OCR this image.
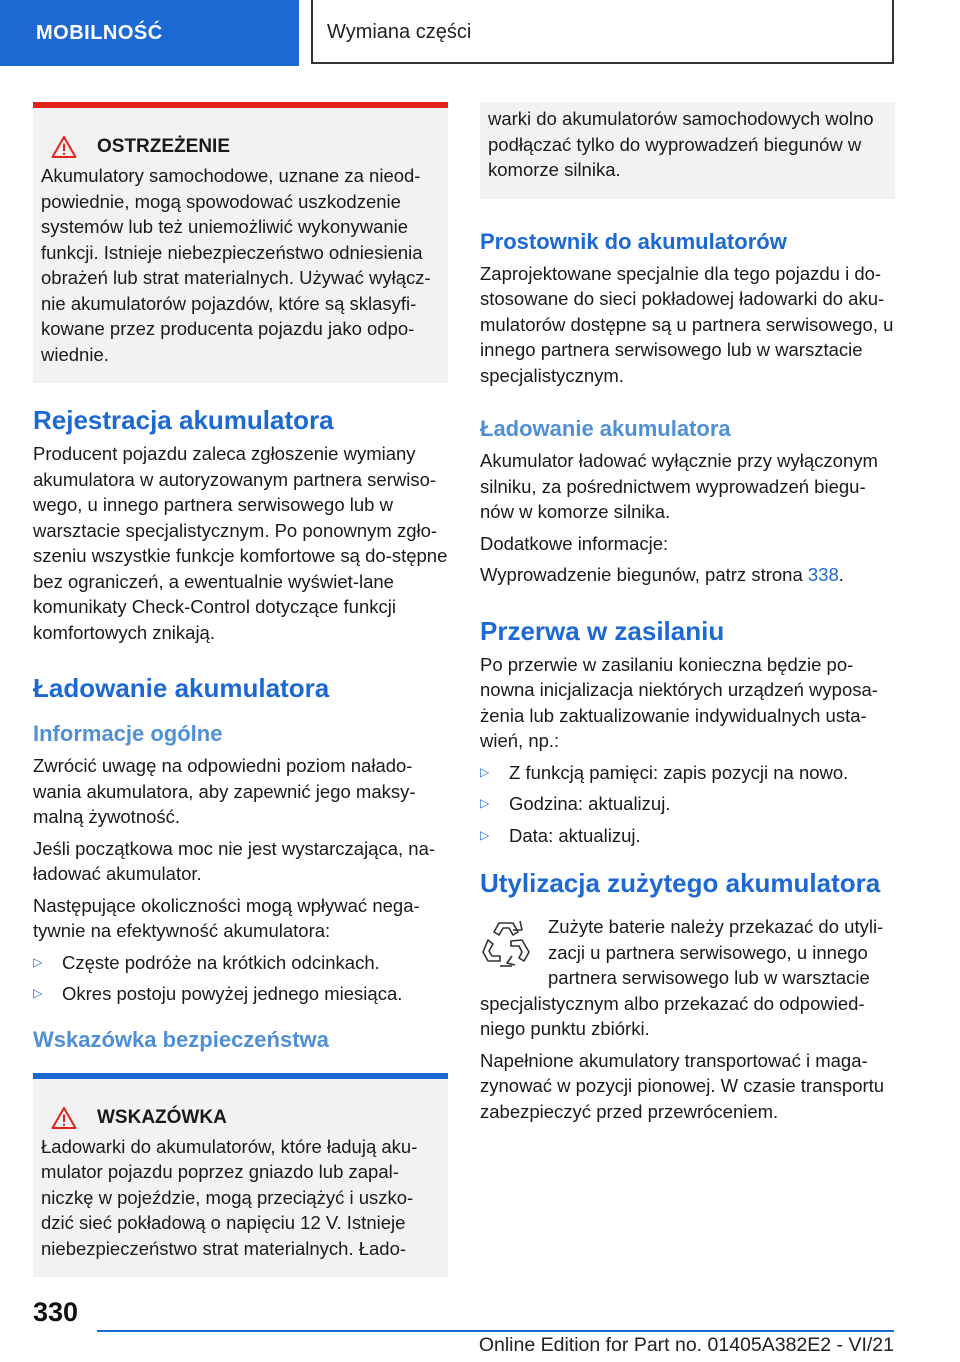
MOBILNOŚĆ	Wymiana części
OSTRZEŻENIE

Akumulatory samochodowe, uznane za nieod-powiednie, mogą spowodować uszkodzenie systemów lub też uniemożliwić wykonywanie funkcji. Istnieje niebezpieczeństwo odniesienia obrażeń lub strat materialnych. Używać wyłącz-nie akumulatorów pojazdów, które są sklasyfi-kowane przez producenta pojazdu jako odpo-wiednie.

Rejestracja akumulatora

Producent pojazdu zaleca zgłoszenie wymiany akumulatora w autoryzowanym partnera serwiso-wego, u innego partnera serwisowego lub w warsztacie specjalistycznym. Po ponownym zgło-szeniu wszystkie funkcje komfortowe są do-stępne bez ograniczeń, a ewentualnie wyświet-lane komunikaty Check-Control dotyczące funkcji komfortowych znikają.

Ładowanie akumulatora
Informacje ogólne

Zwrócić uwagę na odpowiedni poziom nałado-wania akumulatora, aby zapewnić jego maksy-malną żywotność.

Jeśli początkowa moc nie jest wystarczająca, na-ładować akumulator.

Następujące okoliczności mogą wpływać nega-tywnie na efektywność akumulatora:

▷	Częste podróże na krótkich odcinkach.
▷	Okres postoju powyżej jednego miesiąca.
Wskazówka bezpieczeństwa
WSKAZÓWKA

Ładowarki do akumulatorów, które ładują aku-mulator pojazdu poprzez gniazdo lub zapal-niczkę w pojeździe, mogą przeciążyć i uszko-dzić sieć pokładową o napięciu 12 V. Istnieje niebezpieczeństwo strat materialnych. Łado-

warki do akumulatorów samochodowych wolno podłączać tylko do wyprowadzeń biegunów w komorze silnika.

Prostownik do akumulatorów

Zaprojektowane specjalnie dla tego pojazdu i do-stosowane do sieci pokładowej ładowarki do aku-mulatorów dostępne są u partnera serwisowego, u innego partnera serwisowego lub w warsztacie specjalistycznym.

Ładowanie akumulatora

Akumulator ładować wyłącznie przy wyłączonym silniku, za pośrednictwem wyprowadzeń biegu-nów w komorze silnika.

Dodatkowe informacje:

Wyprowadzenie biegunów, patrz strona 338.

Przerwa w zasilaniu

Po przerwie w zasilaniu konieczna będzie po-nowna inicjalizacja niektórych urządzeń wyposa-żenia lub zaktualizowanie indywidualnych usta-wień, np.:

▷	Z funkcją pamięci: zapis pozycji na nowo.
▷	Godzina: aktualizuj.
▷	Data: aktualizuj.
Utylizacja zużytego akumulatora

Zużyte baterie należy przekazać do utyli-

zacji u partnera serwisowego, u innego

partnera serwisowego lub w warsztacie

specjalistycznym albo przekazać do odpowied-niego punktu zbiórki.

Napełnione akumulatory transportować i maga-zynować w pozycji pionowej. W czasie transportu zabezpieczyć przed przewróceniem.

330
Online Edition for Part no. 01405A382E2 - VI/21
